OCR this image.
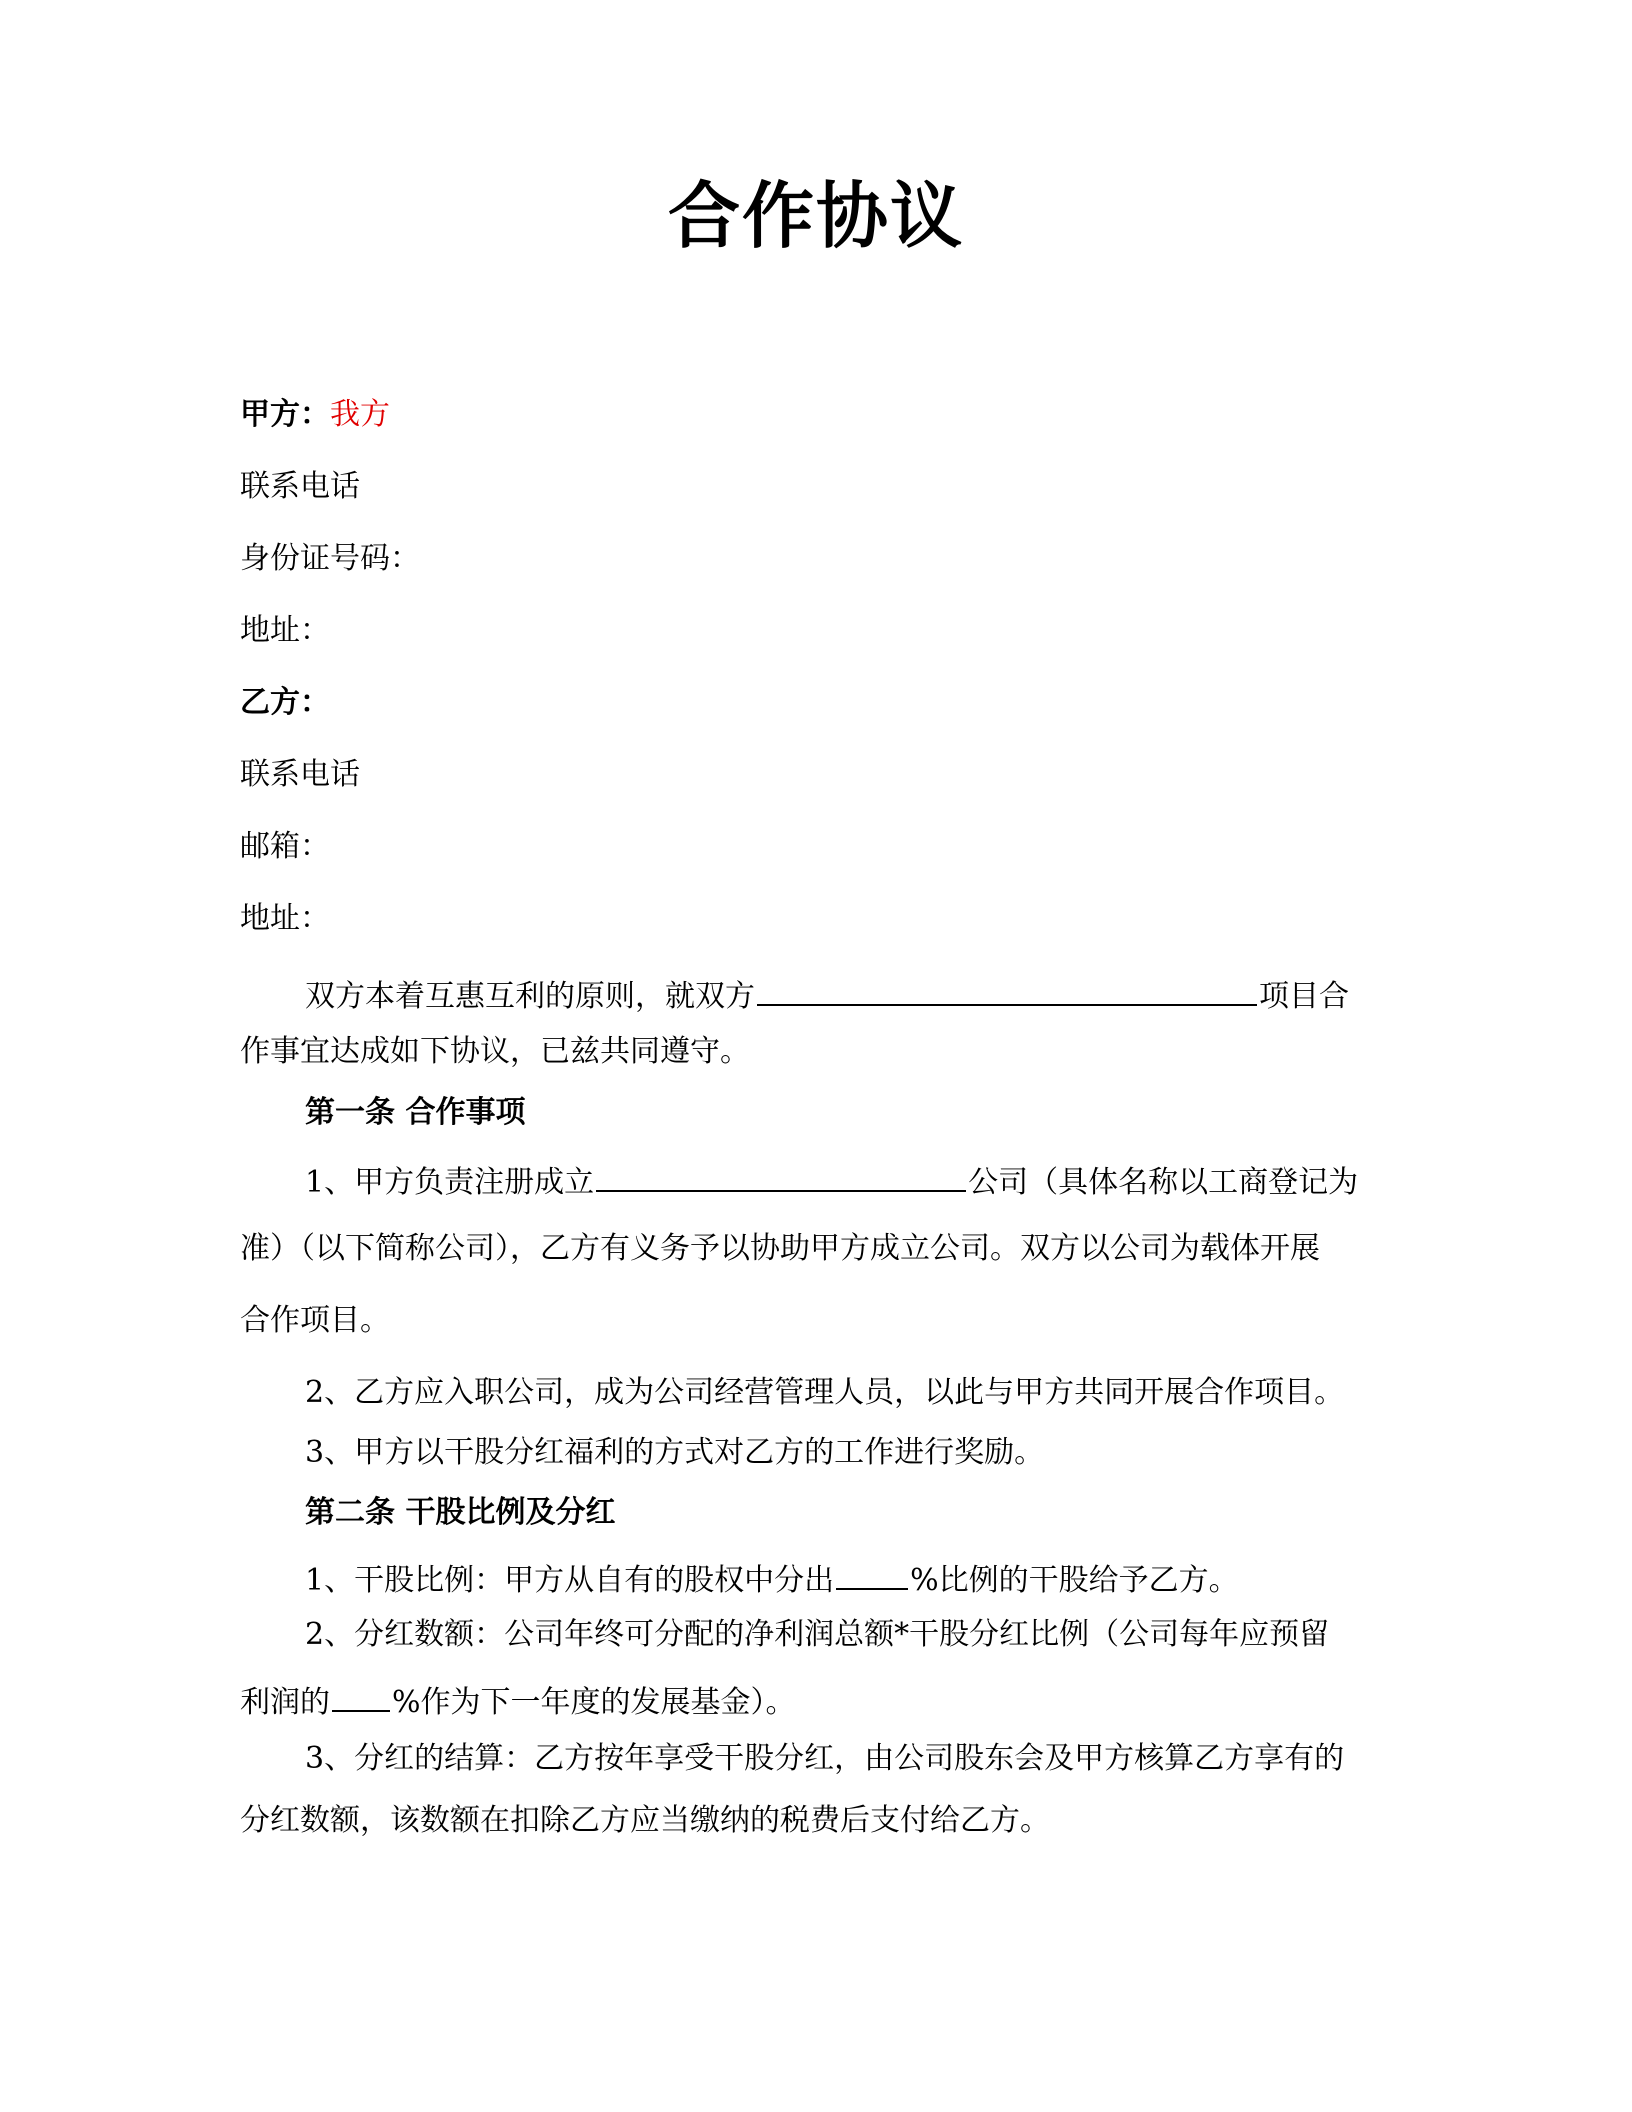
合作协议
甲方：我方
联系电话
身份证号码：
地址：
乙方：
联系电话
邮箱：
地址：
双方本着互惠互利的原则，就双方	项目合
作事宜达成如下协议，已兹共同遵守。
第一条 合作事项
1、甲方负责注册成立	公司（具体名称以工商登记为
准）（以下简称公司），乙方有义务予以协助甲方成立公司。双方以公司为载体开展
合作项目。
2、乙方应入职公司，成为公司经营管理人员，以此与甲方共同开展合作项目。
3、甲方以干股分红福利的方式对乙方的工作进行奖励。
第二条 干股比例及分红
1、干股比例：甲方从自有的股权中分出	%比例的干股给予乙方。
2、分红数额：公司年终可分配的净利润总额*干股分红比例（公司每年应预留
利润的 %作为下一年度的发展基金）。
3、分红的结算：乙方按年享受干股分红，由公司股东会及甲方核算乙方享有的
分红数额，该数额在扣除乙方应当缴纳的税费后支付给乙方。
